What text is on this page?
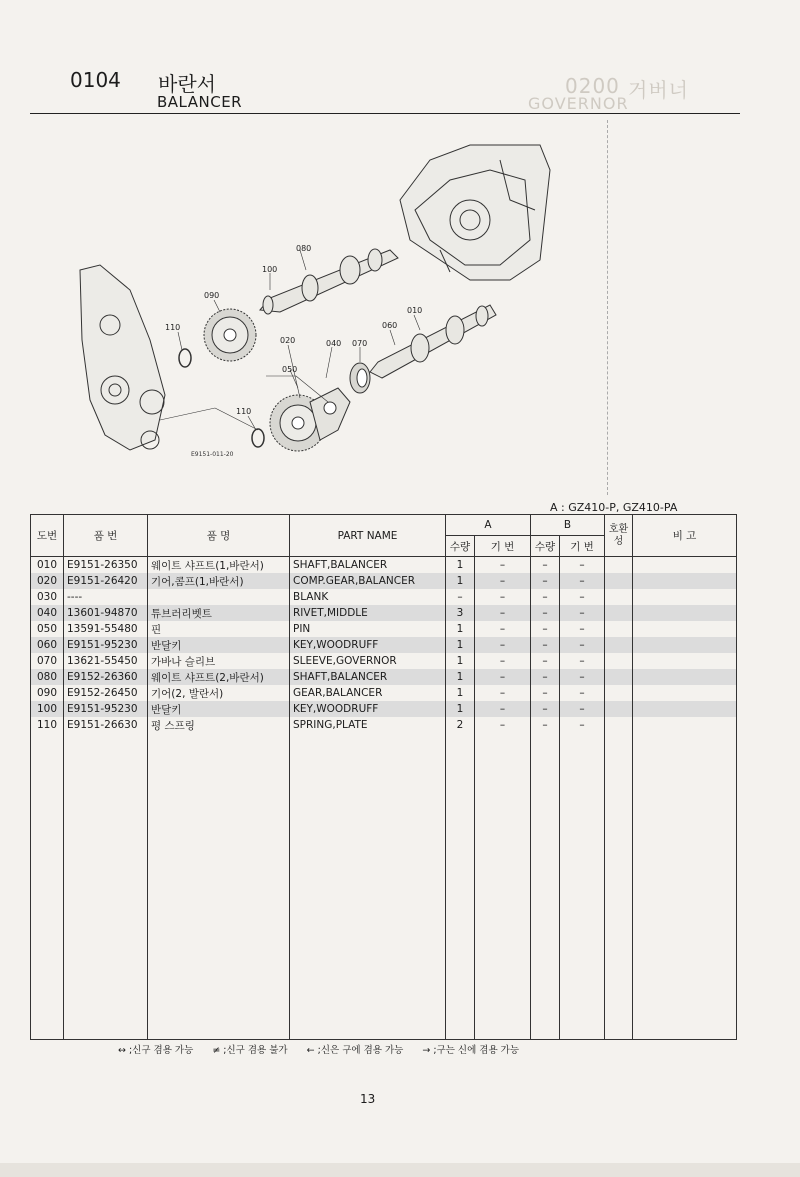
0200 거버너
GOVERNOR
0104 바란서
BALANCER
080
100
090
110
020	040 070
050
010
060
110
E9151-011-20
A : GZ410-P, GZ410-PA
도번	품 번	품 명	PART NAME	A		B		호환성	비 고
				수량	기 번	수량	기 번		
010	E9151-26350	웨이트 샤프트(1,바란서)	SHAFT,BALANCER	1	–	–	–		
020	E9151-26420	기어,콤프(1,바란서)	COMP.GEAR,BALANCER	1	–	–	–		
030	----		BLANK	–	–	–	–		
040	13601-94870	튜브러리벳트	RIVET,MIDDLE	3	–	–	–		
050	13591-55480	핀	PIN	1	–	–	–		
060	E9151-95230	반달키	KEY,WOODRUFF	1	–	–	–		
070	13621-55450	가바나 슬리브	SLEEVE,GOVERNOR	1	–	–	–		
080	E9152-26360	웨이트 샤프트(2,바란서)	SHAFT,BALANCER	1	–	–	–		
090	E9152-26450	기어(2, 발란서)	GEAR,BALANCER	1	–	–	–		
100	E9151-95230	반달키	KEY,WOODRUFF	1	–	–	–		
110	E9151-26630	평 스프링	SPRING,PLATE	2	–	–	–		

↔ ;신구 겸용 가능 ≠ ;신구 겸용 불가 ← ;신은 구에 겸용 가능 → ;구는 신에 겸용 가능
13
